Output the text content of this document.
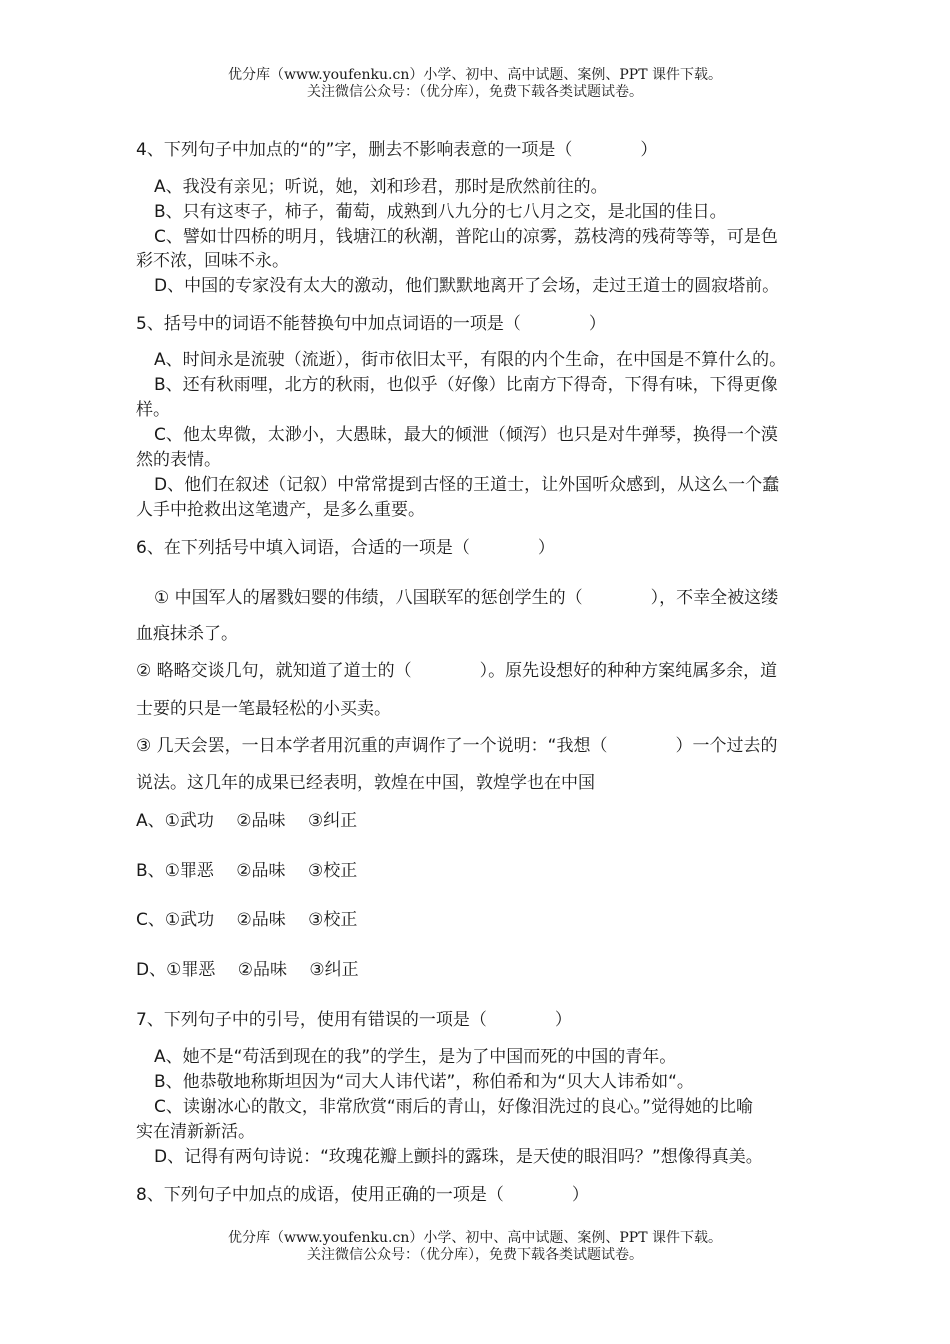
优分库（www.youfenku.cn）小学、初中、高中试题、案例、PPT 课件下载。
关注微信公众号：（优分库），免费下载各类试题试卷。
4、下列句子中加点的“的”字，删去不影响表意的一项是（　　　　）
A、我没有亲见；听说，她，刘和珍君，那时是欣然前往的。
B、只有这枣子，柿子，葡萄，成熟到八九分的七八月之交，是北国的佳日。
C、譬如廿四桥的明月，钱塘江的秋潮，普陀山的凉雾，荔枝湾的残荷等等，可是色
彩不浓，回味不永。
D、中国的专家没有太大的激动，他们默默地离开了会场，走过王道士的圆寂塔前。
5、括号中的词语不能替换句中加点词语的一项是（　　　　）
A、时间永是流驶（流逝），街市依旧太平，有限的内个生命，在中国是不算什么的。
B、还有秋雨哩，北方的秋雨，也似乎（好像）比南方下得奇，下得有味，下得更像
样。
C、他太卑微，太渺小，大愚昧，最大的倾泄（倾泻）也只是对牛弹琴，换得一个漠
然的表情。
D、他们在叙述（记叙）中常常提到古怪的王道士，让外国听众感到，从这么一个蠢
人手中抢救出这笔遗产，是多么重要。
6、在下列括号中填入词语，合适的一项是（　　　　）
① 中国军人的屠戮妇婴的伟绩，八国联军的惩创学生的（　　　　），不幸全被这缕
血痕抹杀了。
② 略略交谈几句，就知道了道士的（　　　　）。原先设想好的种种方案纯属多余，道
士要的只是一笔最轻松的小买卖。
③ 几天会罢，一日本学者用沉重的声调作了一个说明：“我想（　　　　）一个过去的
说法。这几年的成果已经表明，敦煌在中国，敦煌学也在中国
A、①武功　 ②品味　 ③纠正
B、①罪恶　 ②品味　 ③校正
C、①武功　 ②品味　 ③校正
D、①罪恶　 ②品味　 ③纠正
7、下列句子中的引号，使用有错误的一项是（　　　　）
A、她不是“苟活到现在的我”的学生，是为了中国而死的中国的青年。
B、他恭敬地称斯坦因为“司大人讳代诺”，称伯希和为“贝大人讳希如“。
C、读谢冰心的散文，非常欣赏“雨后的青山，好像泪洗过的良心。”觉得她的比喻
实在清新新活。
D、记得有两句诗说：“玫瑰花瓣上颤抖的露珠，是天使的眼泪吗？”想像得真美。
8、下列句子中加点的成语，使用正确的一项是（　　　　）
优分库（www.youfenku.cn）小学、初中、高中试题、案例、PPT 课件下载。
关注微信公众号：（优分库），免费下载各类试题试卷。
